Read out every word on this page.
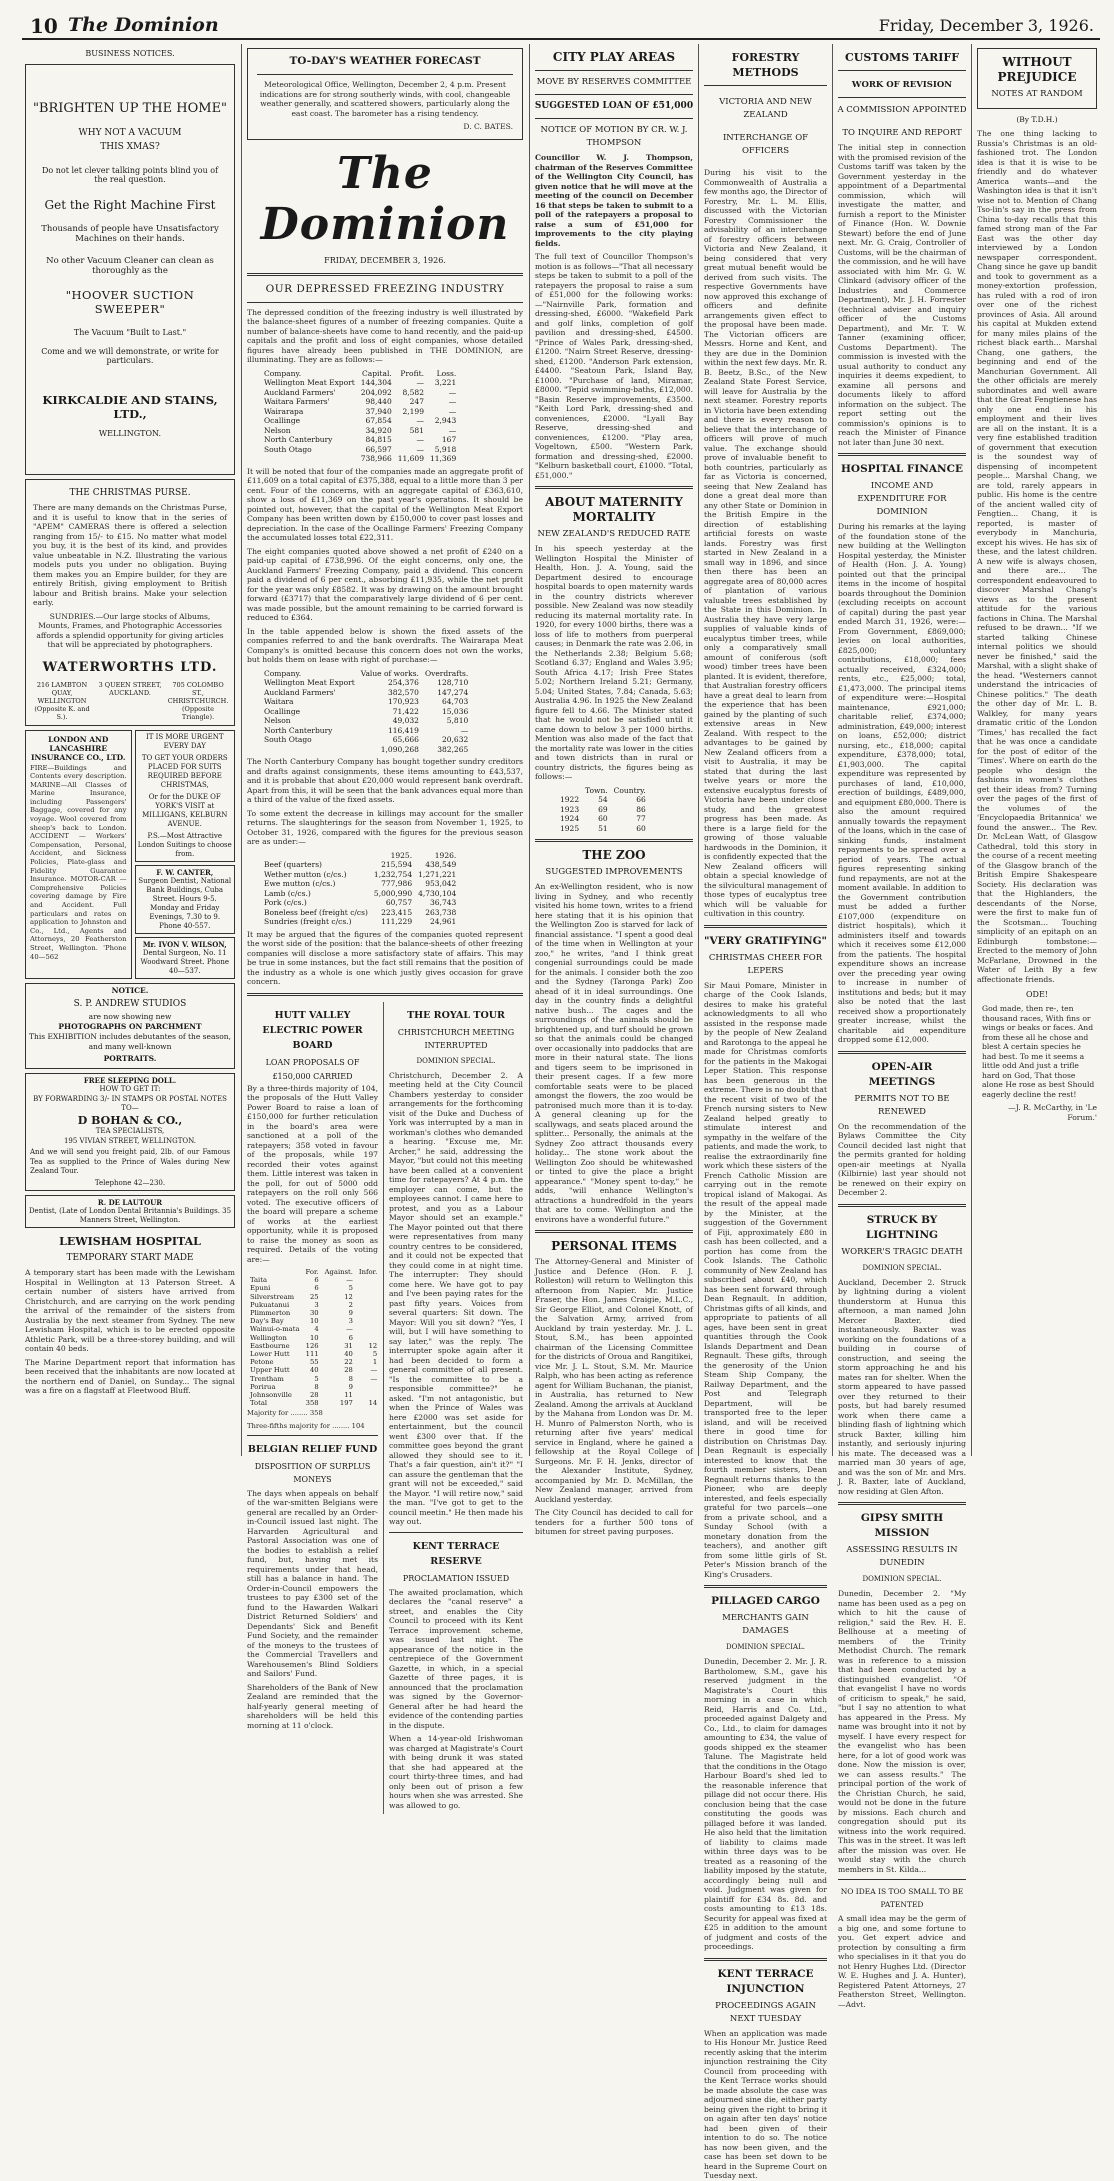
10 The Dominion	Friday, December 3, 1926.
BUSINESS NOTICES.
"BRIGHTEN UP THE HOME"
WHY NOT A VACUUM
THIS XMAS?
Do not let clever talking points blind you of the real question.
Get the Right Machine First
Thousands of people have Unsatisfactory Machines on their hands.
No other Vacuum Cleaner can clean as thoroughly as the
"HOOVER SUCTION SWEEPER"
The Vacuum "Built to Last."
Come and we will demonstrate, or write for particulars.
KIRKCALDIE AND STAINS, LTD.,
WELLINGTON.
THE CHRISTMAS PURSE.
There are many demands on the Christmas Purse, and it is useful to know that in the series of "APEM" CAMERAS there is offered a selection ranging from 15/- to £15. No matter what model you buy, it is the best of its kind, and provides value unbeatable in N.Z. Illustrating the various models puts you under no obligation. Buying them makes you an Empire builder, for they are entirely British, giving employment to British labour and British brains. Make your selection early.
SUNDRIES.—Our large stocks of Albums, Mounts, Frames, and Photographic Accessories affords a splendid opportunity for giving articles that will be appreciated by photographers.
WATERWORTHS LTD.
216 LAMBTON QUAY, WELLINGTON (Opposite K. and S.).
3 QUEEN STREET, AUCKLAND.
705 COLOMBO ST., CHRISTCHURCH. (Opposite Triangle).
LONDON AND LANCASHIRE INSURANCE CO., LTD.
FIRE—Buildings and Contents every description. MARINE—All Classes of Marine Insurance, including Passengers' Baggage, covered for any voyage. Wool covered from sheep's back to London. ACCIDENT — Workers' Compensation, Personal, Accident, and Sickness Policies, Plate-glass and Fidelity Guarantee Insurance. MOTOR-CAR — Comprehensive Policies covering damage by Fire and Accident. Full particulars and rates on application to Johnston and Co., Ltd., Agents and Attorneys, 20 Featherston Street, Wellington. 'Phone 40—562
IT IS MORE URGENT EVERY DAY
TO GET YOUR ORDERS PLACED FOR SUITS REQUIRED BEFORE CHRISTMAS,
Or for the DUKE OF YORK'S VISIT at MILLIGANS, KELBURN AVENUE.
P.S.—Most Attractive London Suitings to choose from.
F. W. CANTER,
Surgeon Dentist, National Bank Buildings, Cuba Street. Hours 9-5. Monday and Friday Evenings, 7.30 to 9. Phone 40-557.
Mr. IVON V. WILSON,
Dental Surgeon, No. 11 Woodward Street. Phone 40—537.
NOTICE.
S. P. ANDREW STUDIOS
are now showing new
PHOTOGRAPHS ON PARCHMENT
This EXHIBITION includes debutantes of the season, and many well-known
PORTRAITS.
FREE SLEEPING DOLL.
HOW TO GET IT:
BY FORWARDING 3/- IN STAMPS OR POSTAL NOTES TO—
D BOHAN & CO.,
TEA SPECIALISTS,
195 VIVIAN STREET, WELLINGTON.
And we will send you freight paid, 2lb. of our Famous Tea as supplied to the Prince of Wales during New Zealand Tour.
Telephone 42—230.
R. DE LAUTOUR
Dentist, (Late of London Dental Britannia's Buildings. 35 Manners Street, Wellington.
LEWISHAM HOSPITAL
TEMPORARY START MADE
A temporary start has been made with the Lewisham Hospital in Wellington at 13 Paterson Street. A certain number of sisters have arrived from Christchurch, and are carrying on the work pending the arrival of the remainder of the sisters from Australia by the next steamer from Sydney. The new Lewisham Hospital, which is to be erected opposite Athletic Park, will be a three-storey building, and will contain 40 beds.
The Marine Department report that information has been received that the inhabitants are now located at the northern end of Daniel, on Sunday... The signal was a fire on a flagstaff at Fleetwood Bluff.
TO-DAY'S WEATHER FORECAST
Meteorological Office, Wellington, December 2, 4 p.m. Present indications are for strong southerly winds, with cool, changeable weather generally, and scattered showers, particularly along the east coast. The barometer has a rising tendency.
D. C. BATES.
The Dominion
FRIDAY, DECEMBER 3, 1926.
OUR DEPRESSED FREEZING INDUSTRY
The depressed condition of the freezing industry is well illustrated by the balance-sheet figures of a number of freezing companies. Quite a number of balance-sheets have come to hand recently, and the paid-up capitals and the profit and loss of eight companies, whose detailed figures have already been published in THE DOMINION, are illuminating. They are as follows:—
Company.	Capital.	Profit.	Loss.
Wellington Meat Export	144,304	—	3,221
Auckland Farmers'	204,092	8,582	—
Waitara Farmers'	98,440	247	—
Wairarapa	37,940	2,199	—
Ocallinge	67,854	—	2,943
Nelson	34,920	581	—
North Canterbury	84,815	—	167
South Otago	66,597	—	5,918
	738,966	11,609	11,369
It will be noted that four of the companies made an aggregate profit of £11,609 on a total capital of £375,388, equal to a little more than 3 per cent. Four of the concerns, with an aggregate capital of £363,610, show a loss of £11,369 on the past year's operations. It should be pointed out, however, that the capital of the Wellington Meat Export Company has been written down by £150,000 to cover past losses and depreciation. In the case of the Ocallinge Farmers' Freezing Company the accumulated losses total £22,311.
The eight companies quoted above showed a net profit of £240 on a paid-up capital of £738,996. Of the eight concerns, only one, the Auckland Farmers' Freezing Company, paid a dividend. This concern paid a dividend of 6 per cent., absorbing £11,935, while the net profit for the year was only £8582. It was by drawing on the amount brought forward (£3717) that the comparatively large dividend of 6 per cent. was made possible, but the amount remaining to be carried forward is reduced to £364.
In the table appended below is shown the fixed assets of the companies referred to and the bank overdrafts. The Wairarapa Meat Company's is omitted because this concern does not own the works, but holds them on lease with right of purchase:—
Company.	Value of works.	Overdrafts.
Wellington Meat Export	254,376	128,710
Auckland Farmers'	382,570	147,274
Waitara	170,923	64,703
Ocallinge	71,422	15,036
Nelson	49,032	5,810
North Canterbury	116,419	—
South Otago	65,666	20,632
	1,090,268	382,265
The North Canterbury Company has bought together sundry creditors and drafts against consignments, these items amounting to £43,537, and it is probable that about £20,000 would represent bank overdraft. Apart from this, it will be seen that the bank advances equal more than a third of the value of the fixed assets.
To some extent the decrease in killings may account for the smaller returns. The slaughterings for the season from November 1, 1925, to October 31, 1926, compared with the figures for the previous season are as under:—
	1925.	1926.
Beef (quarters)	215,594	438,549
Wether mutton (c/cs.)	1,232,754	1,271,221
Ewe mutton (c/cs.)	777,986	953,042
Lamb (c/cs.)	5,000,990	4,730,104
Pork (c/cs.)	60,757	36,743
Boneless beef (freight c/cs)	223,415	263,738
Sundries (freight c/cs.)	111,229	24,961
It may be argued that the figures of the companies quoted represent the worst side of the position: that the balance-sheets of other freezing companies will disclose a more satisfactory state of affairs. This may be true in some instances, but the fact still remains that the position of the industry as a whole is one which justly gives occasion for grave concern.
HUTT VALLEY ELECTRIC POWER BOARD
LOAN PROPOSALS OF
£150,000 CARRIED
By a three-thirds majority of 104, the proposals of the Hutt Valley Power Board to raise a loan of £150,000 for further reticulation in the board's area were sanctioned at a poll of the ratepayers; 358 voted in favour of the proposals, while 197 recorded their votes against them. Little interest was taken in the poll, for out of 5000 odd ratepayers on the roll only 566 voted. The executive officers of the board will prepare a scheme of works at the earliest opportunity, while it is proposed to raise the money as soon as required. Details of the voting are:—
	For.	Against.	Infor.
Taita	6	—	
Epuni	6	5	
Silverstream	25	12	
Pukuatanui	3	2	
Plimmerton	30	9	
Day's Bay	10	3	
Wainui-o-mata	4	—	
Wellington	10	6	
Eastbourne	126	31	12
Lower Hutt	111	40	5
Petone	55	22	1
Upper Hutt	40	28	—
Trentham	5	8	—
Porirua	8	9	
Johnsonville	28	11	
Total	358	197	14
Majority for ........ 358
Three-fifths majority for ........ 104
BELGIAN RELIEF FUND
DISPOSITION OF SURPLUS MONEYS
The days when appeals on behalf of the war-smitten Belgians were general are recalled by an Order-in-Council issued last night. The Harvarden Agricultural and Pastoral Association was one of the bodies to establish a relief fund, but, having met its requirements under that head, still has a balance in hand. The Order-in-Council empowers the trustees to pay £300 set of the fund to the Hawarden Walkari District Returned Soldiers' and Dependants' Sick and Benefit Fund Society, and the remainder of the moneys to the trustees of the Commercial Travellers and Warehousemen's Blind Soldiers and Sailors' Fund.
Shareholders of the Bank of New Zealand are reminded that the half-yearly general meeting of shareholders will be held this morning at 11 o'clock.
THE ROYAL TOUR
CHRISTCHURCH MEETING INTERRUPTED
DOMINION SPECIAL.
Christchurch, December 2. A meeting held at the City Council Chambers yesterday to consider arrangements for the forthcoming visit of the Duke and Duchess of York was interrupted by a man in workman's clothes who demanded a hearing. "Excuse me, Mr. Archer," he said, addressing the Mayor, "but could not this meeting have been called at a convenient time for ratepayers? At 4 p.m. the employer can come, but the employees cannot. I came here to protest, and you as a Labour Mayor should set an example." The Mayor pointed out that there were representatives from many country centres to be considered, and it could not be expected that they could come in at night time. The interrupter: They should come here. We have got to pay and I've been paying rates for the past fifty years. Voices from several quarters: Sit down. The Mayor: Will you sit down? "Yes, I will, but I will have something to say later," was the reply. The interrupter spoke again after it had been decided to form a general committee of all present. "Is the committee to be a responsible committee?" he asked. "I'm not antagonistic, but when the Prince of Wales was here £2000 was set aside for entertainment, but the council went £300 over that. If the committee goes beyond the grant allowed they should see to it. That's a fair question, ain't it?" "I can assure the gentleman that the grant will not be exceeded," said the Mayor. "I will retire now," said the man. "I've got to get to the council meetin." He then made his way out.
KENT TERRACE RESERVE
PROCLAMATION ISSUED
The awaited proclamation, which declares the "canal reserve" a street, and enables the City Council to proceed with its Kent Terrace improvement scheme, was issued last night. The appearance of the notice in the centrepiece of the Government Gazette, in which, in a special Gazette of three pages, it is announced that the proclamation was signed by the Governor-General after he had heard the evidence of the contending parties in the dispute.
When a 14-year-old Irishwoman was charged at Magistrate's Court with being drunk it was stated that she had appeared at the court thirty-three times, and had only been out of prison a few hours when she was arrested. She was allowed to go.
CITY PLAY AREAS
MOVE BY RESERVES COMMITTEE
SUGGESTED LOAN OF £51,000
NOTICE OF MOTION BY CR. W. J. THOMPSON
Councillor W. J. Thompson, chairman of the Reserves Committee of the Wellington City Council, has given notice that he will move at the meeting of the council on December 16 that steps be taken to submit to a poll of the ratepayers a proposal to raise a sum of £51,000 for improvements to the city playing fields.
The full text of Councillor Thompson's motion is as follows—"That all necessary steps be taken to submit to a poll of the ratepayers the proposal to raise a sum of £51,000 for the following works:—"Nairnville Park, formation and dressing-shed, £6000. "Wakefield Park and golf links, completion of golf pavilion and dressing-shed, £4500. "Prince of Wales Park, dressing-shed, £1200. "Nairn Street Reserve, dressing-shed, £1200. "Anderson Park extension, £4400. "Seatoun Park, Island Bay, £1000. "Purchase of land, Miramar, £8000. "Tepid swimming-baths, £12,000. "Basin Reserve improvements, £3500. "Keith Lord Park, dressing-shed and conveniences, £2000. "Lyall Bay Reserve, dressing-shed and conveniences, £1200. "Play area, Vogeltown, £500. "Western Park, formation and dressing-shed, £2000. "Kelburn basketball court, £1000. "Total, £51,000."
ABOUT MATERNITY MORTALITY
NEW ZEALAND'S REDUCED RATE
In his speech yesterday at the Wellington Hospital the Minister of Health, Hon. J. A. Young, said the Department desired to encourage hospital boards to open maternity wards in the country districts wherever possible. New Zealand was now steadily reducing its maternal mortality rate. In 1920, for every 1000 births, there was a loss of life to mothers from puerperal causes; in Denmark the rate was 2.06, in the Netherlands 2.38; Belgium 5.68; Scotland 6.37; England and Wales 3.95; South Africa 4.17; Irish Free States 5.02; Northern Ireland 5.21; Germany, 5.04; United States, 7.84; Canada, 5.63; Australia 4.96. In 1925 the New Zealand figure fell to 4.66. The Minister stated that he would not be satisfied until it came down to below 3 per 1000 births. Mention was also made of the fact that the mortality rate was lower in the cities and town districts than in rural or country districts, the figures being as follows:—
	Town.	Country.
1922	54	66
1923	69	86
1924	60	77
1925	51	60
THE ZOO
SUGGESTED IMPROVEMENTS
An ex-Wellington resident, who is now living in Sydney, and who recently visited his home town, writes to a friend here stating that it is his opinion that the Wellington Zoo is starved for lack of financial assistance. "I spent a good deal of the time when in Wellington at your zoo," he writes, "and I think great congenial surroundings could be made for the animals. I consider both the zoo and the Sydney (Taronga Park) Zoo ahead of it in ideal surroundings. One day in the country finds a delightful native bush... The cages and the surroundings of the animals should be brightened up, and turf should be grown so that the animals could be changed over occasionally into paddocks that are more in their natural state. The lions and tigers seem to be imprisoned in their present cages. If a few more comfortable seats were to be placed amongst the flowers, the zoo would be patronised much more than it is to-day. A general cleaning up for the scallywags, and seats placed around the splitter... Personally, the animals at the Sydney Zoo attract thousands every holiday... The stone work about the Wellington Zoo should be whitewashed or tinted to give the place a bright appearance." "Money spent to-day," he adds, "will enhance Wellington's attractions a hundredfold in the years that are to come. Wellington and the environs have a wonderful future."
PERSONAL ITEMS
The Attorney-General and Minister of Justice and Defence (Hon. F. J. Rolleston) will return to Wellington this afternoon from Napier. Mr. Justice Fraser, the Hon. James Craigie, M.L.C., Sir George Elliot, and Colonel Knott, of the Salvation Army, arrived from Auckland by train yesterday. Mr. J. L. Stout, S.M., has been appointed chairman of the Licensing Committee for the districts of Oroua and Rangitikei, vice Mr. J. L. Stout, S.M. Mr. Maurice Ralph, who has been acting as reference agent for William Buchanan, the pianist, in Australia, has returned to New Zealand. Among the arrivals at Auckland by the Mahana from London was Dr. M. H. Munro of Palmerston North, who is returning after five years' medical service in England, where he gained a fellowship at the Royal College of Surgeons. Mr. F. H. Jenks, director of the Alexander Institute, Sydney, accompanied by Mr. D. McMillan, the New Zealand manager, arrived from Auckland yesterday.
The City Council has decided to call for tenders for a further 500 tons of bitumen for street paving purposes.
FORESTRY METHODS
VICTORIA AND NEW ZEALAND
INTERCHANGE OF OFFICERS
During his visit to the Commonwealth of Australia a few months ago, the Director of Forestry, Mr. L. M. Ellis, discussed with the Victorian Forestry Commissioner the advisability of an interchange of forestry officers between Victoria and New Zealand, it being considered that very great mutual benefit would be derived from such visits. The respective Governments have now approved this exchange of officers and definite arrangements given effect to the proposal have been made. The Victorian officers are Messrs. Horne and Kent, and they are due in the Dominion within the next few days. Mr. R. B. Beetz, B.Sc., of the New Zealand State Forest Service, will leave for Australia by the next steamer. Forestry reports in Victoria have been extending and there is every reason to believe that the interchange of officers will prove of much value. The exchange should prove of invaluable benefit to both countries, particularly as far as Victoria is concerned, seeing that New Zealand has done a great deal more than any other State or Dominion in the British Empire in the direction of establishing artificial forests on waste lands. Forestry was first started in New Zealand in a small way in 1896, and since then there has been an aggregate area of 80,000 acres of plantation of various valuable trees established by the State in this Dominion. In Australia they have very large supplies of valuable kinds of eucalyptus timber trees, while only a comparatively small amount of coniferous (soft wood) timber trees have been planted. It is evident, therefore, that Australian forestry officers have a great deal to learn from the experience that has been gained by the planting of such extensive areas in New Zealand. With respect to the advantages to be gained by New Zealand officers from a visit to Australia, it may be stated that during the last twelve years or more the extensive eucalyptus forests of Victoria have been under close study, and the greatest progress has been made. As there is a large field for the growing of those valuable hardwoods in the Dominion, it is confidently expected that the New Zealand officers will obtain a special knowledge of the silvicultural management of those types of eucalyptus tree which will be valuable for cultivation in this country.
"VERY GRATIFYING"
CHRISTMAS CHEER FOR LEPERS
Sir Maui Pomare, Minister in charge of the Cook Islands, desires to make his grateful acknowledgments to all who assisted in the response made by the people of New Zealand and Rarotonga to the appeal he made for Christmas comforts for the patients in the Makogai Leper Station. This response has been generous in the extreme. There is no doubt that the recent visit of two of the French nursing sisters to New Zealand helped greatly to stimulate interest and sympathy in the welfare of the patients, and made the work, to realise the extraordinarily fine work which these sisters of the French Catholic Mission are carrying out in the remote tropical island of Makogai. As the result of the appeal made by the Minister, at the suggestion of the Government of Fiji, approximately £80 in cash has been collected, and a portion has come from the Cook Islands. The Catholic community of New Zealand has subscribed about £40, which has been sent forward through Dean Regnault. In addition, Christmas gifts of all kinds, and appropriate to patients of all ages, have been sent in great quantities through the Cook Islands Department and Dean Regnault. These gifts, through the generosity of the Union Steam Ship Company, the Railway Department, and the Post and Telegraph Department, will be transported free to the leper island, and will be received there in good time for distribution on Christmas Day. Dean Regnault is especially interested to know that the fourth member sisters, Dean Regnault returns thanks to the Pioneer, who are deeply interested, and feels especially grateful for two parcels—one from a private school, and a Sunday School (with a monetary donation from the teachers), and another gift from some little girls of St. Peter's Mission branch of the King's Crusaders.
PILLAGED CARGO
MERCHANTS GAIN DAMAGES
DOMINION SPECIAL.
Dunedin, December 2. Mr. J. R. Bartholomew, S.M., gave his reserved judgment in the Magistrate's Court this morning in a case in which Reid, Harris and Co. Ltd., proceeded against Dalgety and Co., Ltd., to claim for damages amounting to £34, the value of goods shipped ex the steamer Talune. The Magistrate held that the conditions in the Otago Harbour Board's shed led to the reasonable inference that pillage did not occur there. His conclusion being that the case constituting the goods was pillaged before it was landed. He also held that the limitation of liability to claims made within three days was to be treated as a reasoning of the liability imposed by the statute, accordingly being null and void. Judgment was given for plaintiff for £34 8s. 8d. and costs amounting to £13 18s. Security for appeal was fixed at £25 in addition to the amount of judgment and costs of the proceedings.
KENT TERRACE INJUNCTION
PROCEEDINGS AGAIN NEXT TUESDAY
When an application was made to His Honour Mr. Justice Reed recently asking that the interim injunction restraining the City Council from proceeding with the Kent Terrace works should be made absolute the case was adjourned sine die, either party being given the right to bring it on again after ten days' notice had been given of their intention to do so. The notice has now been given, and the case has been set down to be heard in the Supreme Court on Tuesday next.
CUSTOMS TARIFF
WORK OF REVISION
A COMMISSION APPOINTED
TO INQUIRE AND REPORT
The initial step in connection with the promised revision of the Customs tariff was taken by the Government yesterday in the appointment of a Departmental commission, which will investigate the matter, and furnish a report to the Minister of Finance (Hon. W. Downie Stewart) before the end of June next. Mr. G. Craig, Controller of Customs, will be the chairman of the commission, and he will have associated with him Mr. G. W. Clinkard (advisory officer of the Industries and Commerce Department), Mr. J. H. Forrester (technical adviser and inquiry officer of the Customs Department), and Mr. T. W. Tanner (examining officer, Customs Department). The commission is invested with the usual authority to conduct any inquiries it deems expedient, to examine all persons and documents likely to afford information on the subject. The report setting out the commission's opinions is to reach the Minister of Finance not later than June 30 next.
HOSPITAL FINANCE
INCOME AND EXPENDITURE FOR DOMINION
During his remarks at the laying of the foundation stone of the new building at the Wellington Hospital yesterday, the Minister of Health (Hon. J. A. Young) pointed out that the principal items in the income of hospital boards throughout the Dominion (excluding receipts on account of capital) during the past year ended March 31, 1926, were:—From Government, £869,000; levies on local authorities, £825,000; voluntary contributions, £18,000; fees actually received, £324,000; rents, etc., £25,000; total, £1,473,000. The principal items of expenditure were:—Hospital maintenance, £921,000; charitable relief, £374,000; administration, £49,000; interest on loans, £52,000; district nursing, etc., £18,000; capital expenditure, £378,000; total, £1,903,000. The capital expenditure was represented by purchases of land, £10,000, erection of buildings, £489,000, and equipment £80,000. There is also the amount required annually towards the repayment of the loans, which in the case of sinking funds, instalment repayments to be spread over a period of years. The actual figures representing sinking fund repayments, are not at the moment available. In addition to the Government contribution must be added a further £107,000 (expenditure on district hospitals), which it administers itself and towards which it receives some £12,000 from the patients. The hospital expenditure shows an increase over the preceding year owing to increase in number of institutions and beds; but it may also be noted that the last received show a proportionately greater increase, whilst the charitable aid expenditure dropped some £12,000.
OPEN-AIR MEETINGS
PERMITS NOT TO BE RENEWED
On the recommendation of the Bylaws Committee the City Council decided last night that the permits granted for holding open-air meetings at Nyalla (Kilbirnie) last year should not be renewed on their expiry on December 2.
STRUCK BY LIGHTNING
WORKER'S TRAGIC DEATH
DOMINION SPECIAL.
Auckland, December 2. Struck by lightning during a violent thunderstorm at Hunua this afternoon, a man named John Mercer Baxter, died instantaneously. Baxter was working on the foundations of a building in course of construction, and seeing the storm approaching he and his mates ran for shelter. When the storm appeared to have passed over they returned to their posts, but had barely resumed work when there came a blinding flash of lightning which struck Baxter, killing him instantly, and seriously injuring his mate. The deceased was a married man 30 years of age, and was the son of Mr. and Mrs. J. R. Baxter, late of Auckland, now residing at Glen Afton.
GIPSY SMITH MISSION
ASSESSING RESULTS IN DUNEDIN
DOMINION SPECIAL.
Dunedin, December 2. "My name has been used as a peg on which to hit the cause of religion," said the Rev. H. E. Bellhouse at a meeting of members of the Trinity Methodist Church. The remark was in reference to a mission that had been conducted by a distinguished evangelist. "Of that evangelist I have no words of criticism to speak," he said, "but I say no attention to what has appeared in the Press. My name was brought into it not by myself. I have every respect for the evangelist who has been here, for a lot of good work was done. Now the mission is over, we can assess results." The principal portion of the work of the Christian Church, he said, would not be done in the future by missions. Each church and congregation should put its witness into the work required. This was in the street. It was left after the mission was over. He would stay with the church members in St. Kilda...
NO IDEA IS TOO SMALL TO BE PATENTED
A small idea may be the germ of a big one, and some fortune to you. Get expert advice and protection by consulting a firm who specialises in it that you do not Henry Hughes Ltd. (Director W. E. Hughes and J. A. Hunter), Registered Patent Attorneys, 27 Featherston Street, Wellington.—Advt.
WITHOUT PREJUDICE
NOTES AT RANDOM
(By T.D.H.)
The one thing lacking to Russia's Christmas is an old-fashioned trot. The London idea is that it is wise to be friendly and do whatever America wants—and the Washington idea is that it isn't wise not to. Mention of Chang Tso-lin's say in the press from China to-day recalls that this famed strong man of the Far East was the other day interviewed by a London newspaper correspondent. Chang since he gave up bandit and took to government as a money-extortion profession, has ruled with a rod of iron over one of the richest provinces of Asia. All around his capital at Mukden extend for many miles plains of the richest black earth... Marshal Chang, one gathers, the beginning and end of the Manchurian Government. All the other officials are merely subordinates and well aware that the Great Fengtienese has only one end in his employment and their lives are all on the instant. It is a very fine established tradition of government that execution is the soundest way of dispensing of incompetent people... Marshal Chang, we are told, rarely appears in public. His home is the centre of the ancient walled city of Fengtien... Chang, it is reported, is master of everybody in Manchuria, except his wives. He has six of these, and the latest children. A new wife is always chosen, and there are... The correspondent endeavoured to discover Marshal Chang's views as to the present attitude for the various factions in China. The Marshal refused to be drawn... "If we started talking Chinese internal politics we should never be finished," said the Marshal, with a slight shake of the head. "Westerners cannot understand the intricacies of Chinese politics." The death the other day of Mr. L. B. Walkley, for many years dramatic critic of the London 'Times,' has recalled the fact that he was once a candidate for the post of editor of the 'Times'. Where on earth do the people who design the fashions in women's clothes get their ideas from? Turning over the pages of the first of the volumes of the 'Encyclopaedia Britannica' we found the answer... The Rev. Dr. McLean Watt, of Glasgow Cathedral, told this story in the course of a recent meeting of the Glasgow branch of the British Empire Shakespeare Society. His declaration was that the Highlanders, the descendants of the Norse, were the first to make fun of the Scotsman... Touching simplicity of an epitaph on an Edinburgh tombstone:— Erected to the memory of John McFarlane, Drowned in the Water of Leith By a few affectionate friends.
ODE!
God made, then re-, ten thousand races, With fins or wings or beaks or faces. And from these all he chose and blest A certain species he had best. To me it seems a little odd And just a trifle hard on God, That those alone He rose as best Should eagerly decline the rest!
—J. R. McCarthy, in 'Le Forum.'
